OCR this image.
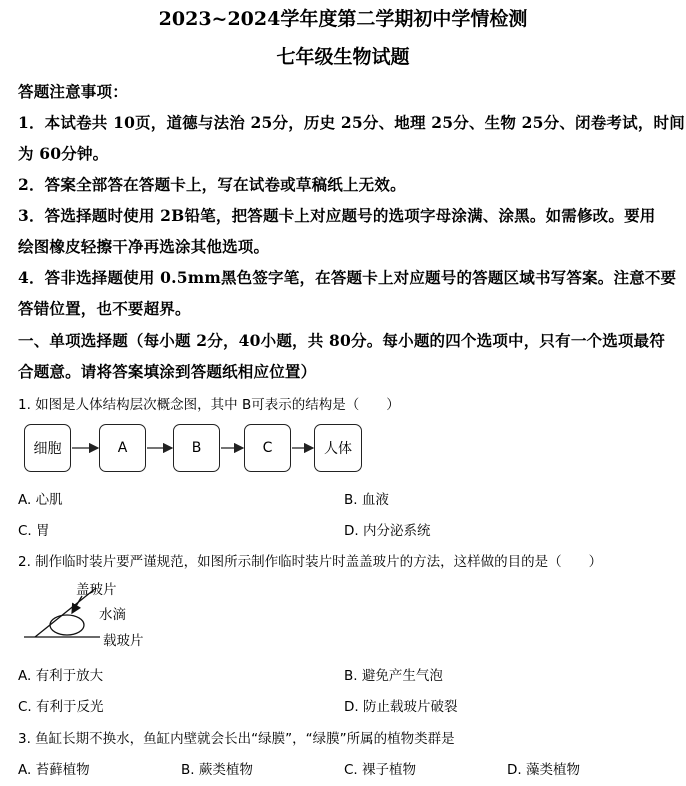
2023~2024学年度第二学期初中学情检测
七年级生物试题
答题注意事项：
1．本试卷共 10页，道德与法治 25分，历史 25分、地理 25分、生物 25分、闭卷考试，时间
为 60分钟。
2．答案全部答在答题卡上，写在试卷或草稿纸上无效。
3．答选择题时使用 2B铅笔，把答题卡上对应题号的选项字母涂满、涂黑。如需修改。要用
绘图橡皮轻擦干净再选涂其他选项。
4．答非选择题使用 0.5mm黑色签字笔，在答题卡上对应题号的答题区域书写答案。注意不要
答错位置，也不要超界。
一、单项选择题（每小题 2分，40小题，共 80分。每小题的四个选项中，只有一个选项最符
合题意。请将答案填涂到答题纸相应位置）
1. 如图是人体结构层次概念图，其中 B可表示的结构是（　　）
细胞	A	B	C	人体
A. 心肌	B. 血液
C. 胃	D. 内分泌系统
2. 制作临时装片要严谨规范，如图所示制作临时装片时盖盖玻片的方法，这样做的目的是（　　）
盖玻片
水滴
载玻片
A. 有利于放大	B. 避免产生气泡
C. 有利于反光	D. 防止载玻片破裂
3. 鱼缸长期不换水，鱼缸内壁就会长出“绿膜”，“绿膜”所属的植物类群是
A. 苔藓植物	B. 蕨类植物	C. 裸子植物	D. 藻类植物
